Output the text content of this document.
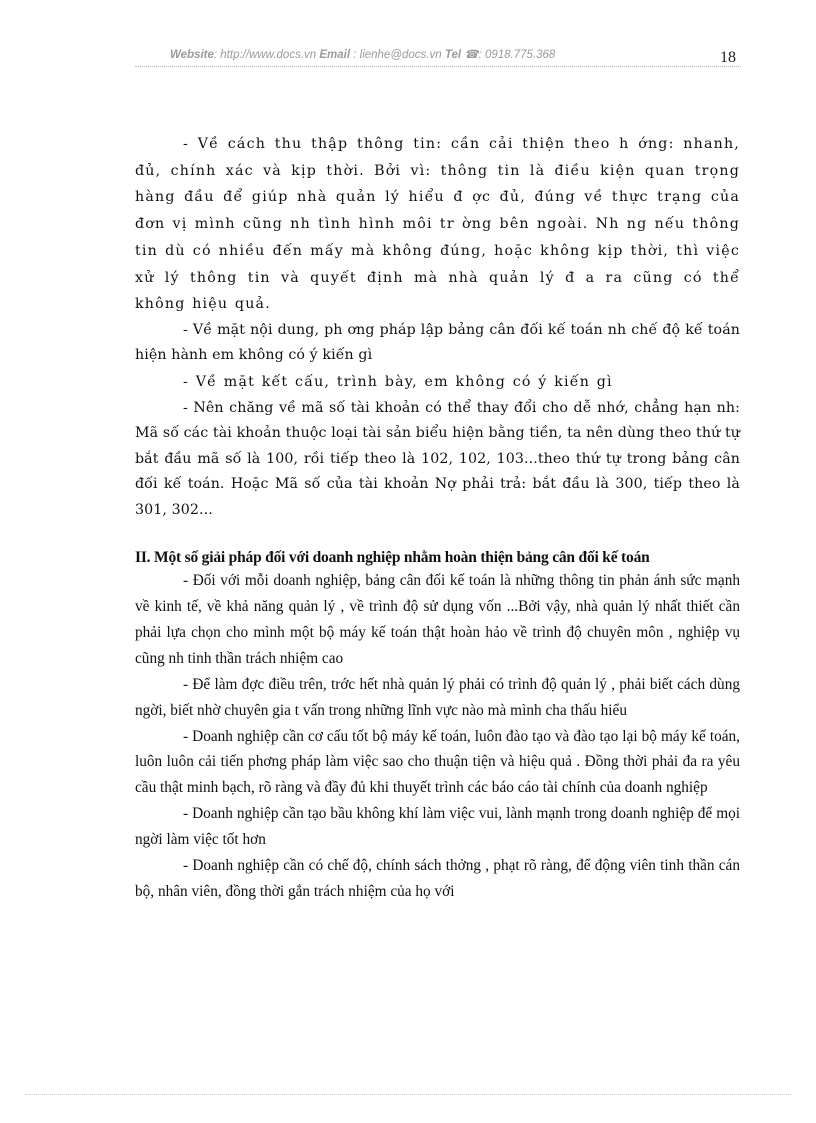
Website: http://www.docs.vn Email : lienhe@docs.vn Tel ☎: 0918.775.368	18

- Về cách thu thập thông tin: cần cải thiện theo h ớng: nhanh, đủ, chính xác và kịp thời. Bởi vì: thông tin là điều kiện quan trọng hàng đầu để giúp nhà quản lý hiểu đ ợc đủ, đúng về thực trạng của đơn vị mình cũng nh tình hình môi tr ờng bên ngoài. Nh ng nếu thông tin dù có nhiều đến mấy mà không đúng, hoặc không kịp thời, thì việc xử lý thông tin và quyết định mà nhà quản lý đ a ra cũng có thể không hiệu quả.

- Về mặt nội dung, ph ơng pháp lập bảng cân đối kế toán nh chế độ kế toán hiện hành em không có ý kiến gì

- Về mặt kết cấu, trình bày, em không có ý kiến gì

- Nên chăng về mã số tài khoản có thể thay đổi cho dễ nhớ, chẳng hạn nh: Mã số các tài khoản thuộc loại tài sản biểu hiện bằng tiền, ta nên dùng theo thứ tự bắt đầu mã số là 100, rồi tiếp theo là 102, 102, 103...theo thứ tự trong bảng cân đối kế toán. Hoặc Mã số của tài khoản Nợ phải trả: bắt đầu là 300, tiếp theo là 301, 302...

II. Một số giải pháp đối với doanh nghiệp nhằm hoàn thiện bảng cân đối kế toán

- Đối với mỗi doanh nghiệp, bảng cân đối kế toán là những thông tin phản ánh sức mạnh về kinh tế, về khả năng quản lý , về trình độ sử dụng vốn ...Bởi vậy, nhà quản lý nhất thiết cần phải lựa chọn cho mình một bộ máy kế toán thật hoàn hảo về trình độ chuyên môn , nghiệp vụ cũng nh tinh thần trách nhiệm cao

- Để làm đợc điều trên, trớc hết nhà quản lý phải có trình độ quản lý , phải biết cách dùng ngời, biết nhờ chuyên gia t vấn trong những lĩnh vực nào mà mình cha thấu hiểu

- Doanh nghiệp cần cơ cấu tốt bộ máy kế toán, luôn đào tạo và đào tạo lại bộ máy kế toán, luôn luôn cải tiến phơng pháp làm việc sao cho thuận tiện và hiệu quả . Đồng thời phải đa ra yêu cầu thật minh bạch, rõ ràng và đầy đủ khi thuyết trình các báo cáo tài chính của doanh nghiệp

- Doanh nghiệp cần tạo bầu không khí làm việc vui, lành mạnh trong doanh nghiệp để mọi ngời làm việc tốt hơn

- Doanh nghiệp cần có chế độ, chính sách thởng , phạt rõ ràng, để động viên tinh thần cán bộ, nhân viên, đồng thời gắn trách nhiệm của họ với
